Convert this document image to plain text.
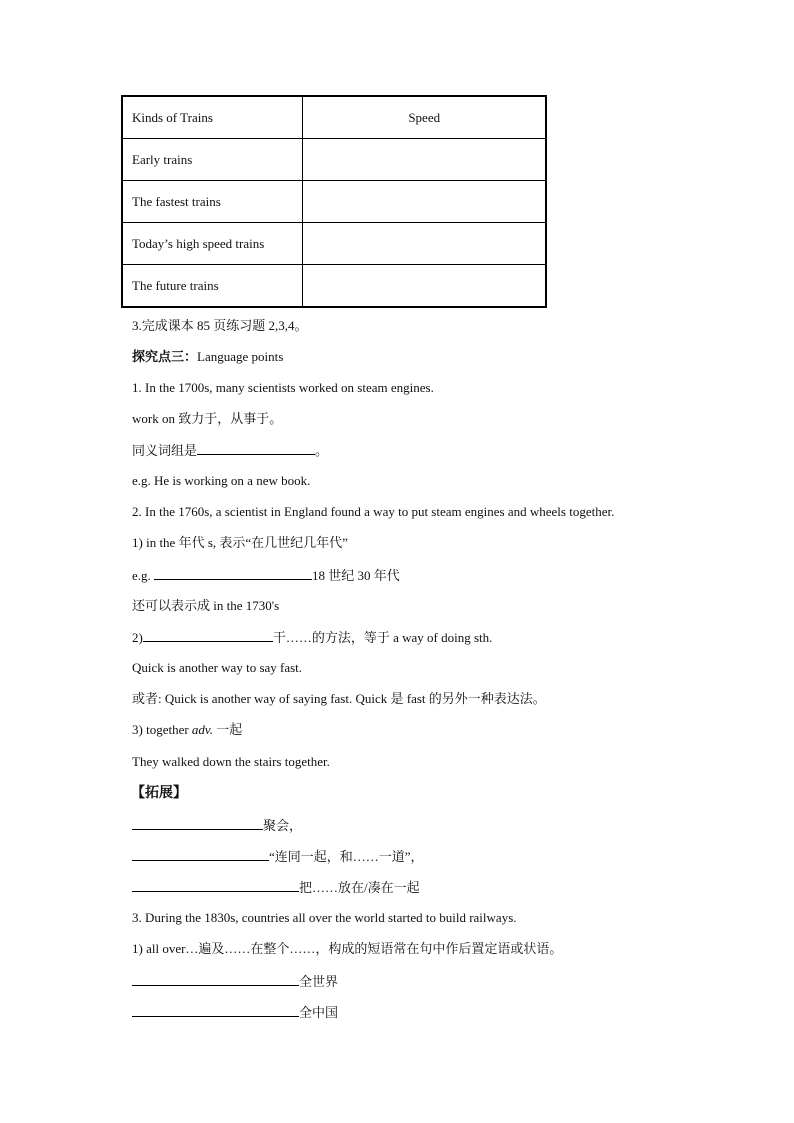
Kinds of Trains	Speed
Early trains	
The fastest trains	
Today’s high speed trains	
The future trains	
3.完成课本 85 页练习题 2,3,4。
探究点三：Language points
1. In the 1700s, many scientists worked on steam engines.
work on 致力于，从事于。
同义词组是	。
e.g. He is working on a new book.
2. In the 1760s, a scientist in England found a way to put steam engines and wheels together.
1) in the 年代 s, 表示“在几世纪几年代”
e.g.	18 世纪 30 年代
还可以表示成 in the 1730's
2)	干……的方法，等于 a way of doing sth.
Quick is another way to say fast.
或者: Quick is another way of saying fast. Quick 是 fast 的另外一种表达法。
3) together adv. 一起
They walked down the stairs together.
【拓展】
聚会，
“连同一起，和……一道”，
把……放在/凑在一起
3. During the 1830s, countries all over the world started to build railways.
1) all over…遍及……在整个……，构成的短语常在句中作后置定语或状语。
全世界
全中国
